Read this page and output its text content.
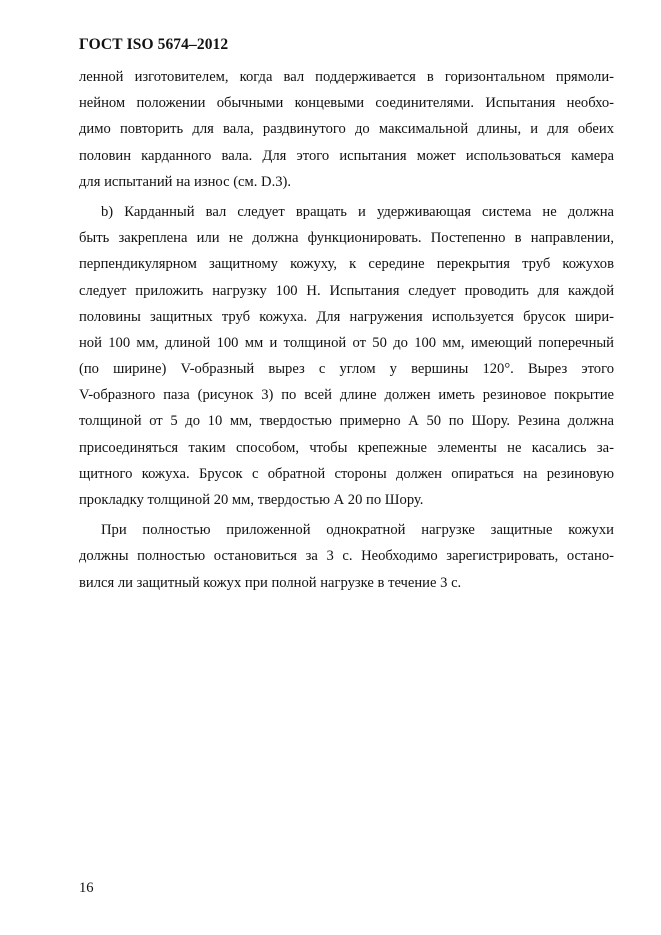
ГОСТ ISO 5674–2012
ленной изготовителем, когда вал поддерживается в горизонтальном прямоли-
нейном положении обычными концевыми соединителями. Испытания необхо-
димо повторить для вала, раздвинутого до максимальной длины, и для обеих
половин карданного вала. Для этого испытания может использоваться камера
для испытаний на износ (см. D.3).
b) Карданный вал следует вращать и удерживающая система не должна
быть закреплена или не должна функционировать. Постепенно в направлении,
перпендикулярном защитному кожуху, к середине перекрытия труб кожухов
следует приложить нагрузку 100 Н. Испытания следует проводить для каждой
половины защитных труб кожуха. Для нагружения используется брусок шири-
ной 100 мм, длиной 100 мм и толщиной от 50 до 100 мм, имеющий поперечный
(по ширине) V-образный вырез с углом у вершины 120°. Вырез этого
V-образного паза (рисунок 3) по всей длине должен иметь резиновое покрытие
толщиной от 5 до 10 мм, твердостью примерно А 50 по Шору. Резина должна
присоединяться таким способом, чтобы крепежные элементы не касались за-
щитного кожуха. Брусок с обратной стороны должен опираться на резиновую
прокладку толщиной 20 мм, твердостью А 20 по Шору.
При полностью приложенной однократной нагрузке защитные кожухи
должны полностью остановиться за 3 с. Необходимо зарегистрировать, остано-
вился ли защитный кожух при полной нагрузке в течение 3 с.
16
